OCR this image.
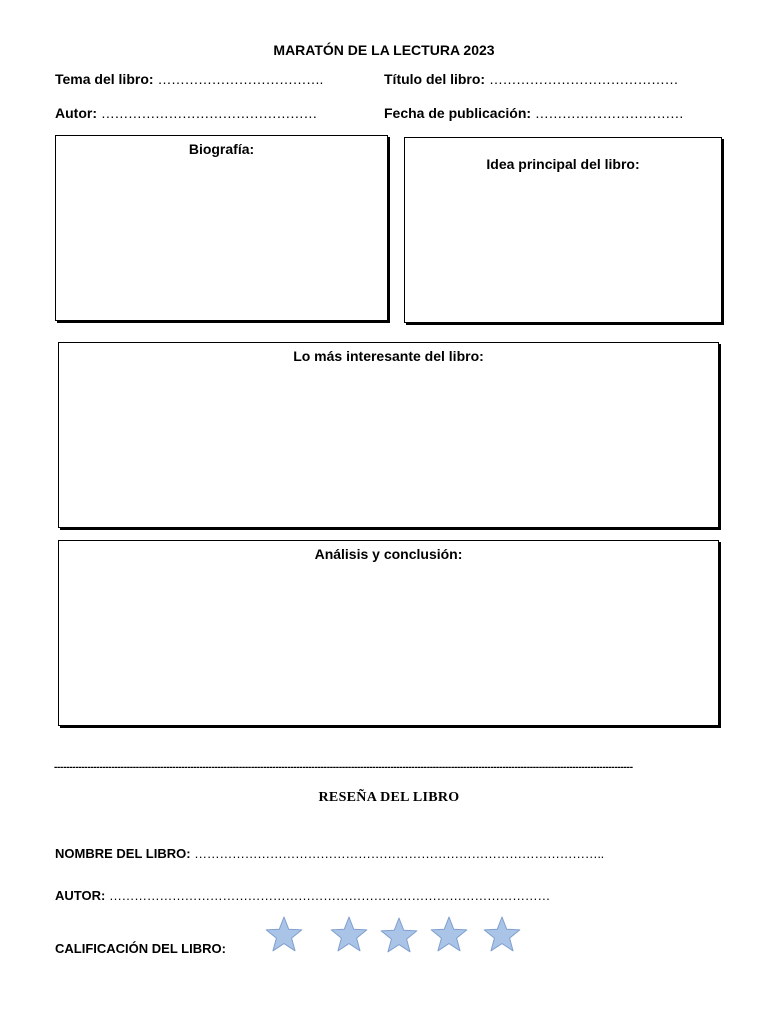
MARATÓN DE LA LECTURA 2023
Tema del libro: ……………………………….	Título del libro: ……………………………………
Autor: …………………………………………	Fecha de publicación: ……………………………
Biografía:
Idea principal del libro:
Lo más interesante del libro:
Análisis y conclusión:
-----------------------------------------------------------------------------------------------------------------------------------------------------------------------------------------------
RESEÑA DEL LIBRO
NOMBRE DEL LIBRO: ……………………………………………………………………………………..
AUTOR: ……………………………………………………………………………………………
CALIFICACIÓN DEL LIBRO:
